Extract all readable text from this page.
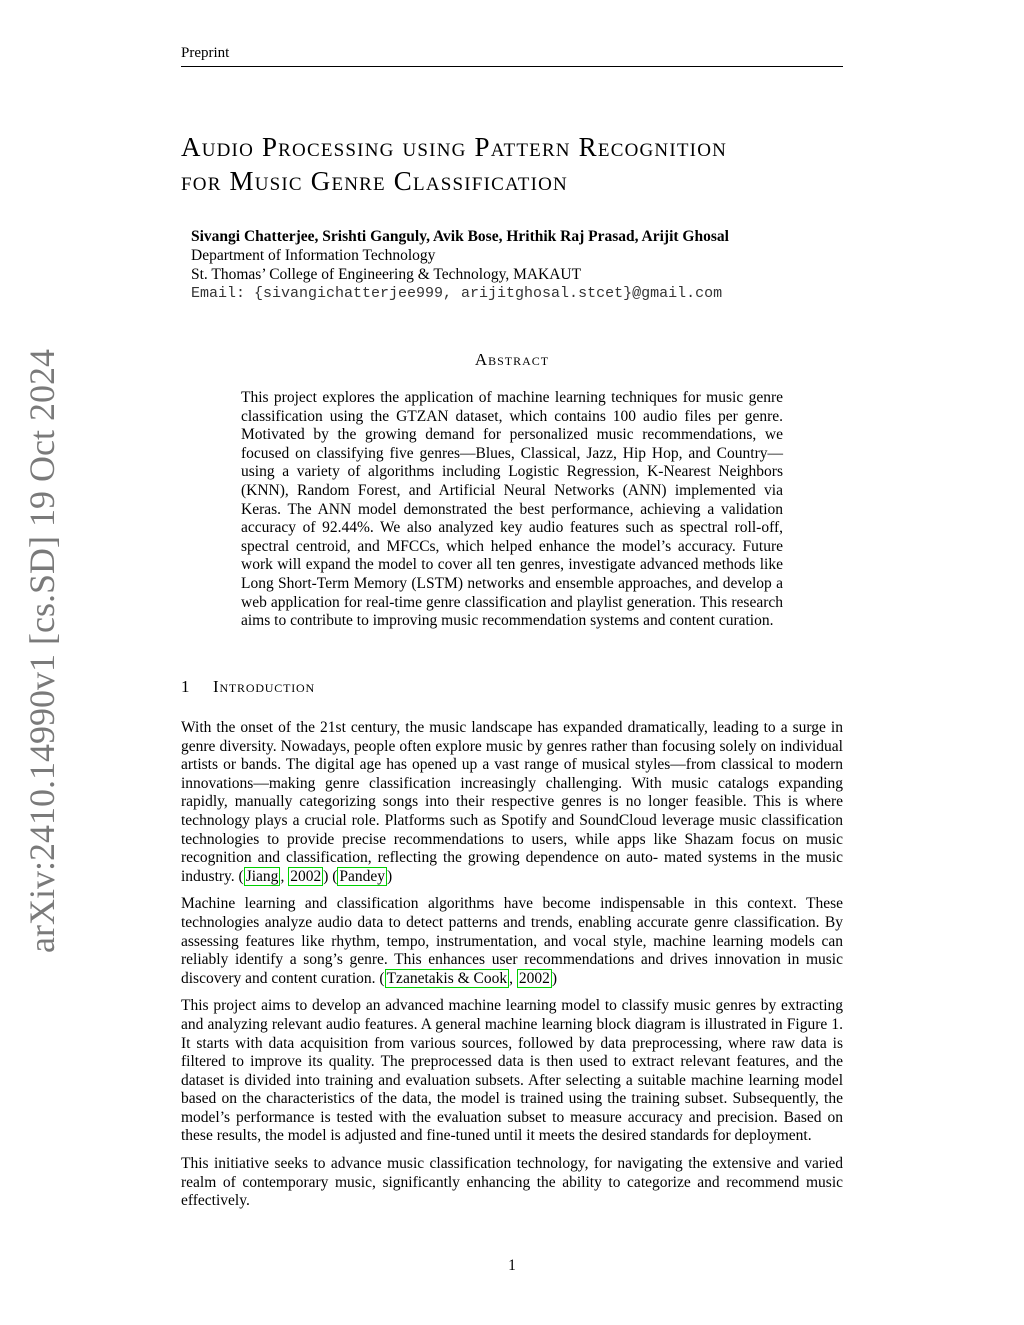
Preprint
arXiv:2410.14990v1 [cs.SD] 19 Oct 2024
Audio Processing using Pattern Recognition
for Music Genre Classification
Sivangi Chatterjee, Srishti Ganguly, Avik Bose, Hrithik Raj Prasad, Arijit Ghosal
Department of Information Technology
St. Thomas’ College of Engineering & Technology, MAKAUT
Email: {sivangichatterjee999, arijitghosal.stcet}@gmail.com
Abstract
This project explores the application of machine learning techniques for music genre classification using the GTZAN dataset, which contains 100 audio files per genre. Motivated by the growing demand for personalized music recommendations, we focused on classifying five genres—Blues, Classical, Jazz, Hip Hop, and Country—using a variety of algorithms including Logistic Regression, K-Nearest Neighbors (KNN), Random Forest, and Artificial Neural Networks (ANN) implemented via Keras. The ANN model demonstrated the best performance, achieving a validation accuracy of 92.44%. We also analyzed key audio features such as spectral roll-off, spectral centroid, and MFCCs, which helped enhance the model’s accuracy. Future work will expand the model to cover all ten genres, investigate advanced methods like Long Short-Term Memory (LSTM) networks and ensemble approaches, and develop a web application for real-time genre classification and playlist generation. This research aims to contribute to improving music recommendation systems and content curation.
1 Introduction

With the onset of the 21st century, the music landscape has expanded dramatically, leading to a surge in genre diversity. Nowadays, people often explore music by genres rather than focusing solely on individual artists or bands. The digital age has opened up a vast range of musical styles—from classical to modern innovations—making genre classification increasingly challenging. With music catalogs expanding rapidly, manually categorizing songs into their respective genres is no longer feasible. This is where technology plays a crucial role. Platforms such as Spotify and SoundCloud leverage music classification technologies to provide precise recommendations to users, while apps like Shazam focus on music recognition and classification, reflecting the growing dependence on auto- mated systems in the music industry. ( Jiang , 2002 ) ( Pandey )

Machine learning and classification algorithms have become indispensable in this context. These technologies analyze audio data to detect patterns and trends, enabling accurate genre classification. By assessing features like rhythm, tempo, instrumentation, and vocal style, machine learning models can reliably identify a song’s genre. This enhances user recommendations and drives innovation in music discovery and content curation. ( Tzanetakis & Cook , 2002 )

This project aims to develop an advanced machine learning model to classify music genres by extracting and analyzing relevant audio features. A general machine learning block diagram is illustrated in Figure 1. It starts with data acquisition from various sources, followed by data preprocessing, where raw data is filtered to improve its quality. The preprocessed data is then used to extract relevant features, and the dataset is divided into training and evaluation subsets. After selecting a suitable machine learning model based on the characteristics of the data, the model is trained using the training subset. Subsequently, the model’s performance is tested with the evaluation subset to measure accuracy and precision. Based on these results, the model is adjusted and fine-tuned until it meets the desired standards for deployment.

This initiative seeks to advance music classification technology, for navigating the extensive and varied realm of contemporary music, significantly enhancing the ability to categorize and recommend music effectively.

1
